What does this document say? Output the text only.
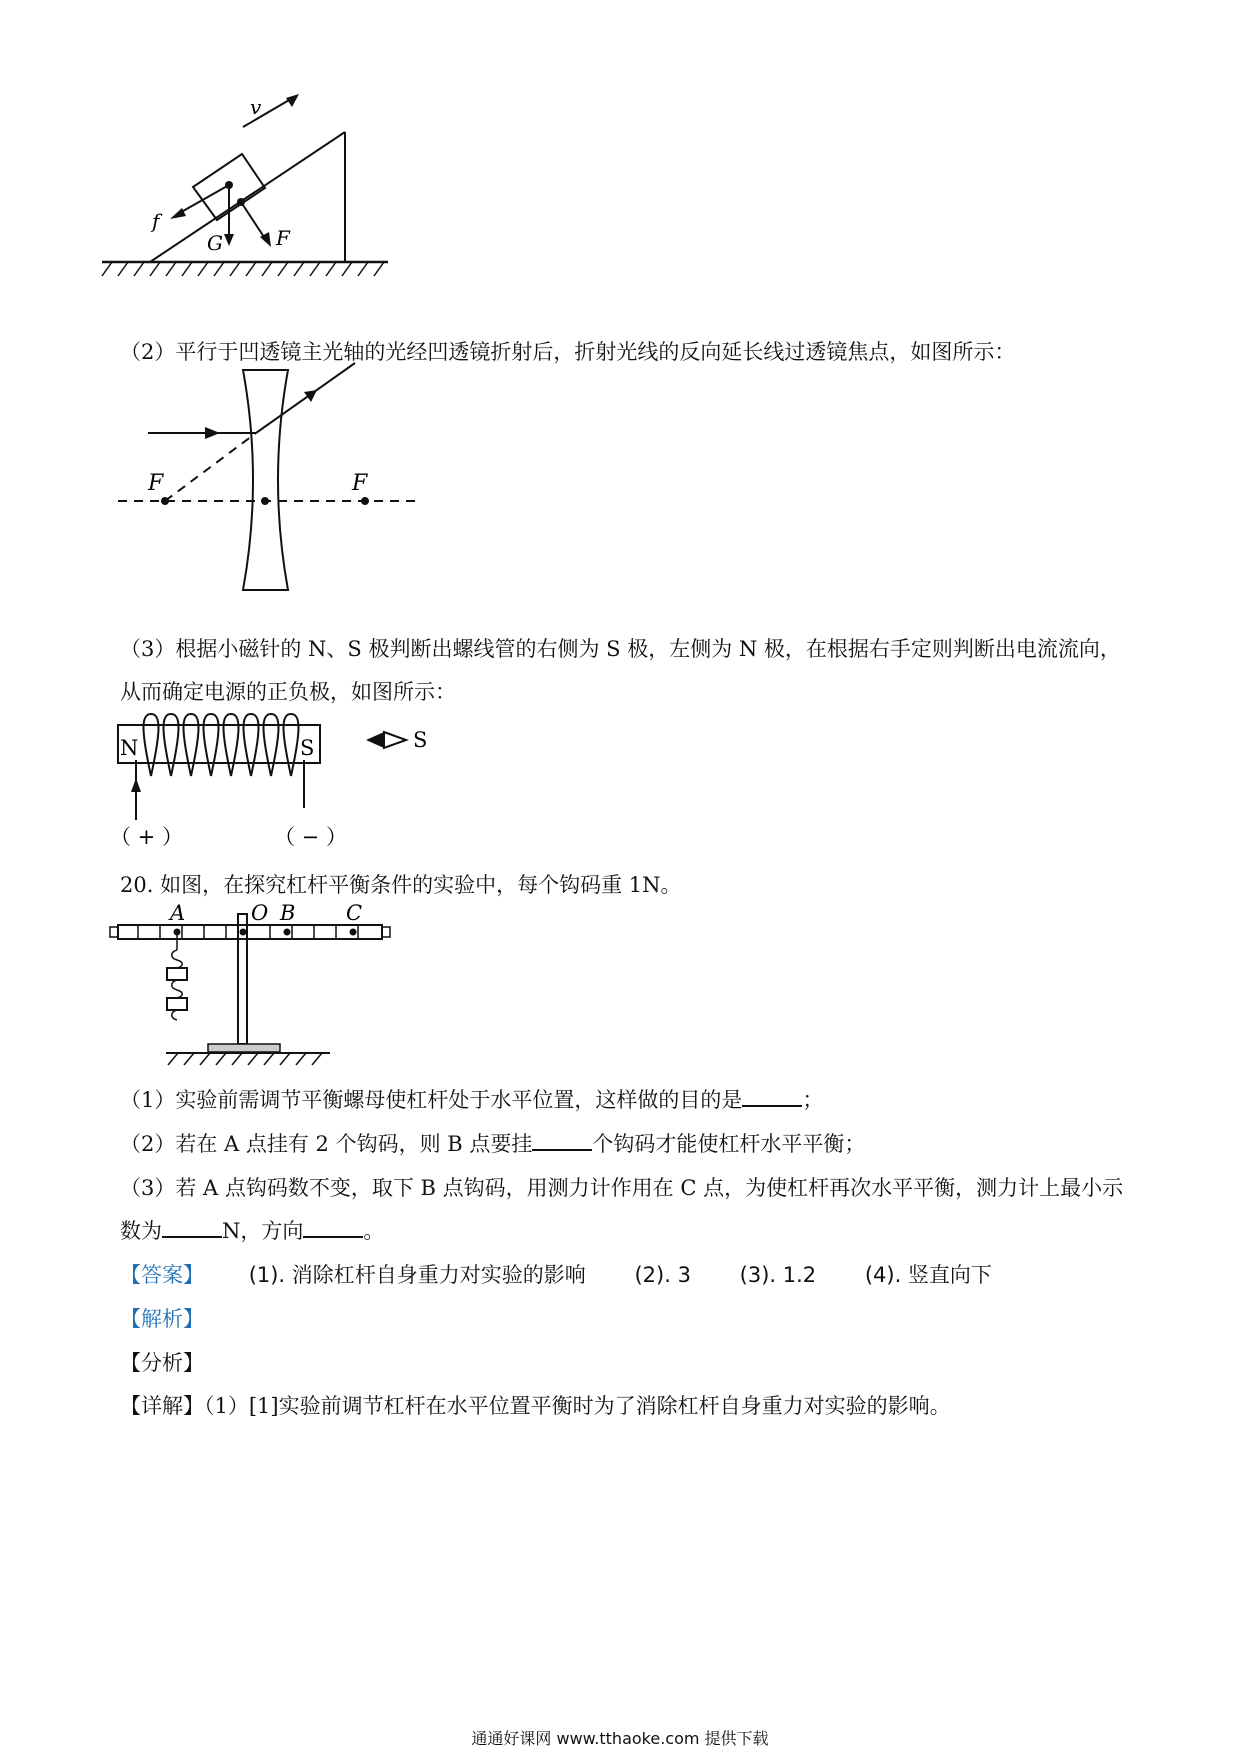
v
f
G	F
（2）平行于凹透镜主光轴的光经凹透镜折射后，折射光线的反向延长线过透镜焦点，如图所示：
F	F
（3）根据小磁针的 N、S 极判断出螺线管的右侧为 S 极，左侧为 N 极，在根据右手定则判断出电流流向，
从而确定电源的正负极，如图所示：
N	S	S
（ + ）	（ − ）
20. 如图，在探究杠杆平衡条件的实验中，每个钩码重 1N。
A	O B C
（1）实验前需调节平衡螺母使杠杆处于水平位置，这样做的目的是	；
（2）若在 A 点挂有 2 个钩码，则 B 点要挂	个钩码才能使杠杆水平平衡；
（3）若 A 点钩码数不变，取下 B 点钩码，用测力计作用在 C 点，为使杠杆再次水平平衡，测力计上最小示
数为	N，方向	。
【答案】 (1). 消除杠杆自身重力对实验的影响 (2). 3 (3). 1.2 (4). 竖直向下
【解析】
【分析】
【详解】（1）[1]实验前调节杠杆在水平位置平衡时为了消除杠杆自身重力对实验的影响。
通通好课网 www.tthaoke.com 提供下载
